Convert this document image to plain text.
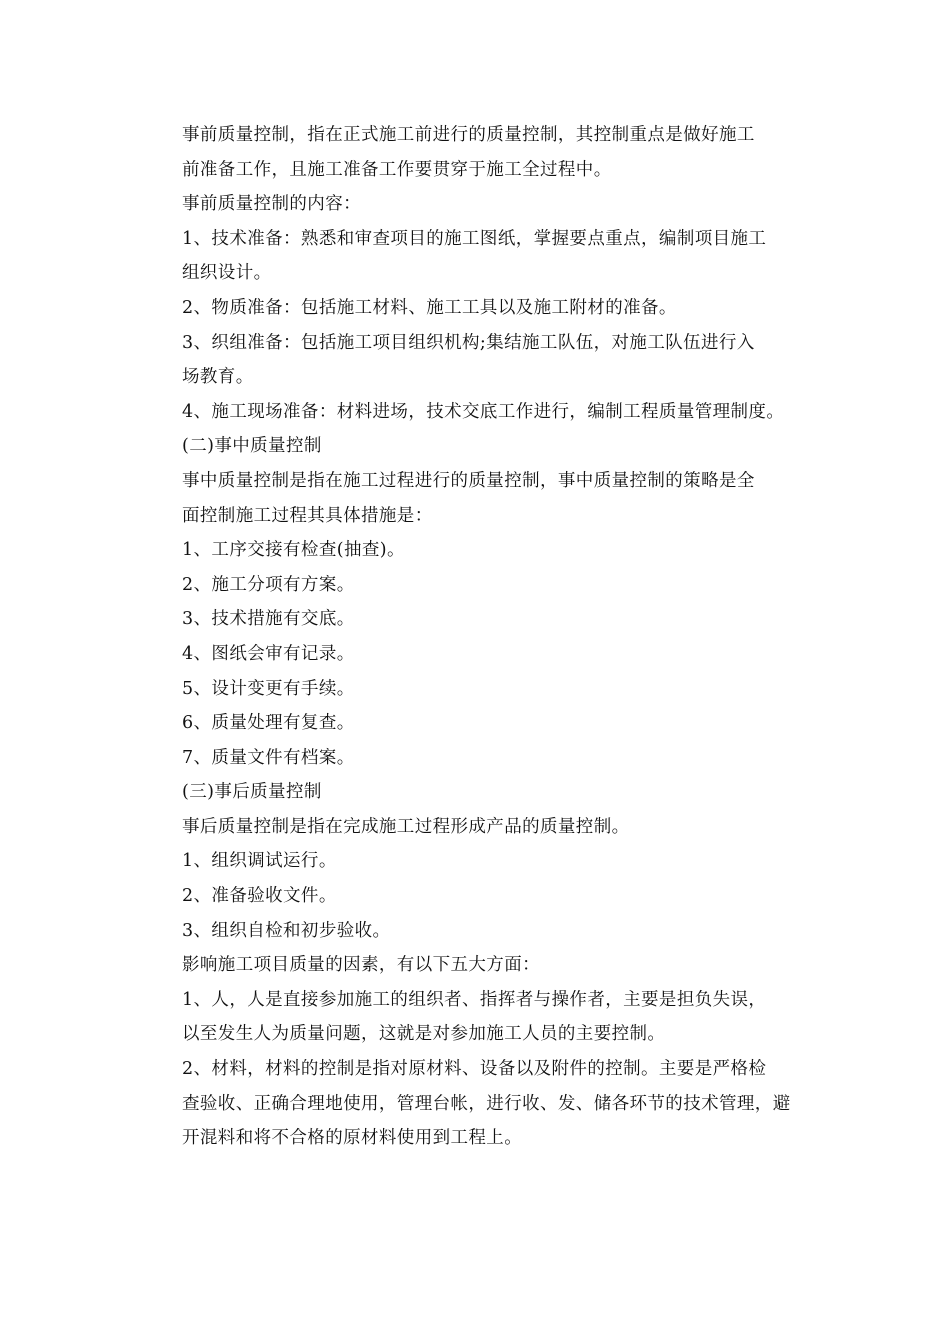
事前质量控制，指在正式施工前进行的质量控制，其控制重点是做好施工
前准备工作，且施工准备工作要贯穿于施工全过程中。

事前质量控制的内容：

1、技术准备：熟悉和审查项目的施工图纸，掌握要点重点，编制项目施工
组织设计。

2、物质准备：包括施工材料、施工工具以及施工附材的准备。

3、织组准备：包括施工项目组织机构;集结施工队伍，对施工队伍进行入
场教育。

4、施工现场准备：材料进场，技术交底工作进行，编制工程质量管理制度。

(二)事中质量控制

事中质量控制是指在施工过程进行的质量控制，事中质量控制的策略是全
面控制施工过程其具体措施是：

1、工序交接有检查(抽查)。

2、施工分项有方案。

3、技术措施有交底。

4、图纸会审有记录。

5、设计变更有手续。

6、质量处理有复查。

7、质量文件有档案。

(三)事后质量控制

事后质量控制是指在完成施工过程形成产品的质量控制。

1、组织调试运行。

2、准备验收文件。

3、组织自检和初步验收。

影响施工项目质量的因素，有以下五大方面：

1、人，人是直接参加施工的组织者、指挥者与操作者，主要是担负失误，
以至发生人为质量问题，这就是对参加施工人员的主要控制。

2、材料，材料的控制是指对原材料、设备以及附件的控制。主要是严格检
查验收、正确合理地使用，管理台帐，进行收、发、储各环节的技术管理，避
开混料和将不合格的原材料使用到工程上。
